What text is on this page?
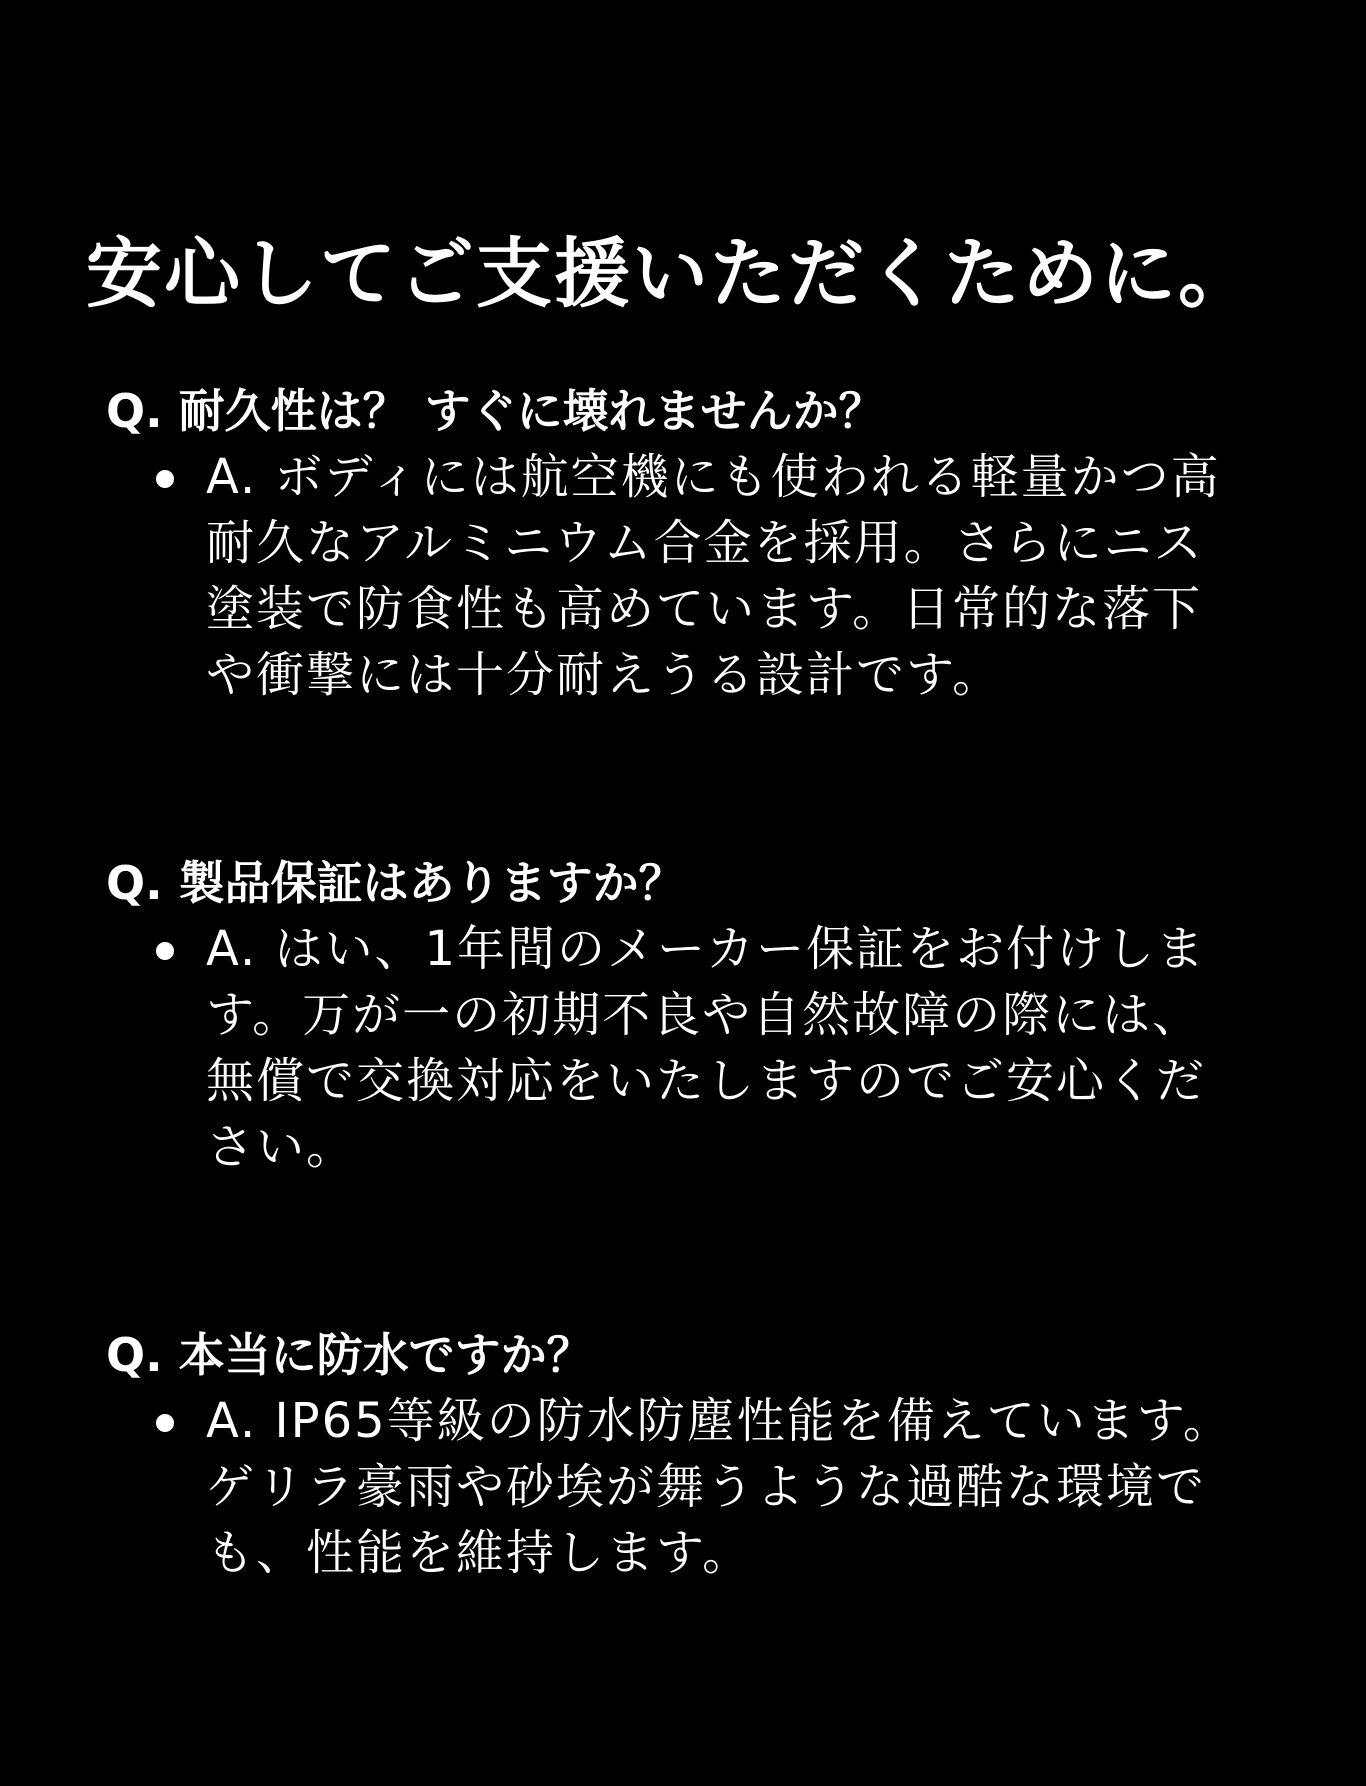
安心してご支援いただくために。

Q. 耐久性は？ すぐに壊れませんか？

A. ボディには航空機にも使われる軽量かつ高耐久なアルミニウム合金を採用。さらにニス塗装で防食性も高めています。日常的な落下や衝撃には十分耐えうる設計です。

Q. 製品保証はありますか？

A. はい、1年間のメーカー保証をお付けします。万が一の初期不良や自然故障の際には、無償で交換対応をいたしますのでご安心ください。

Q. 本当に防水ですか？

A. IP65等級の防水防塵性能を備えています。ゲリラ豪雨や砂埃が舞うような過酷な環境でも、性能を維持します。
